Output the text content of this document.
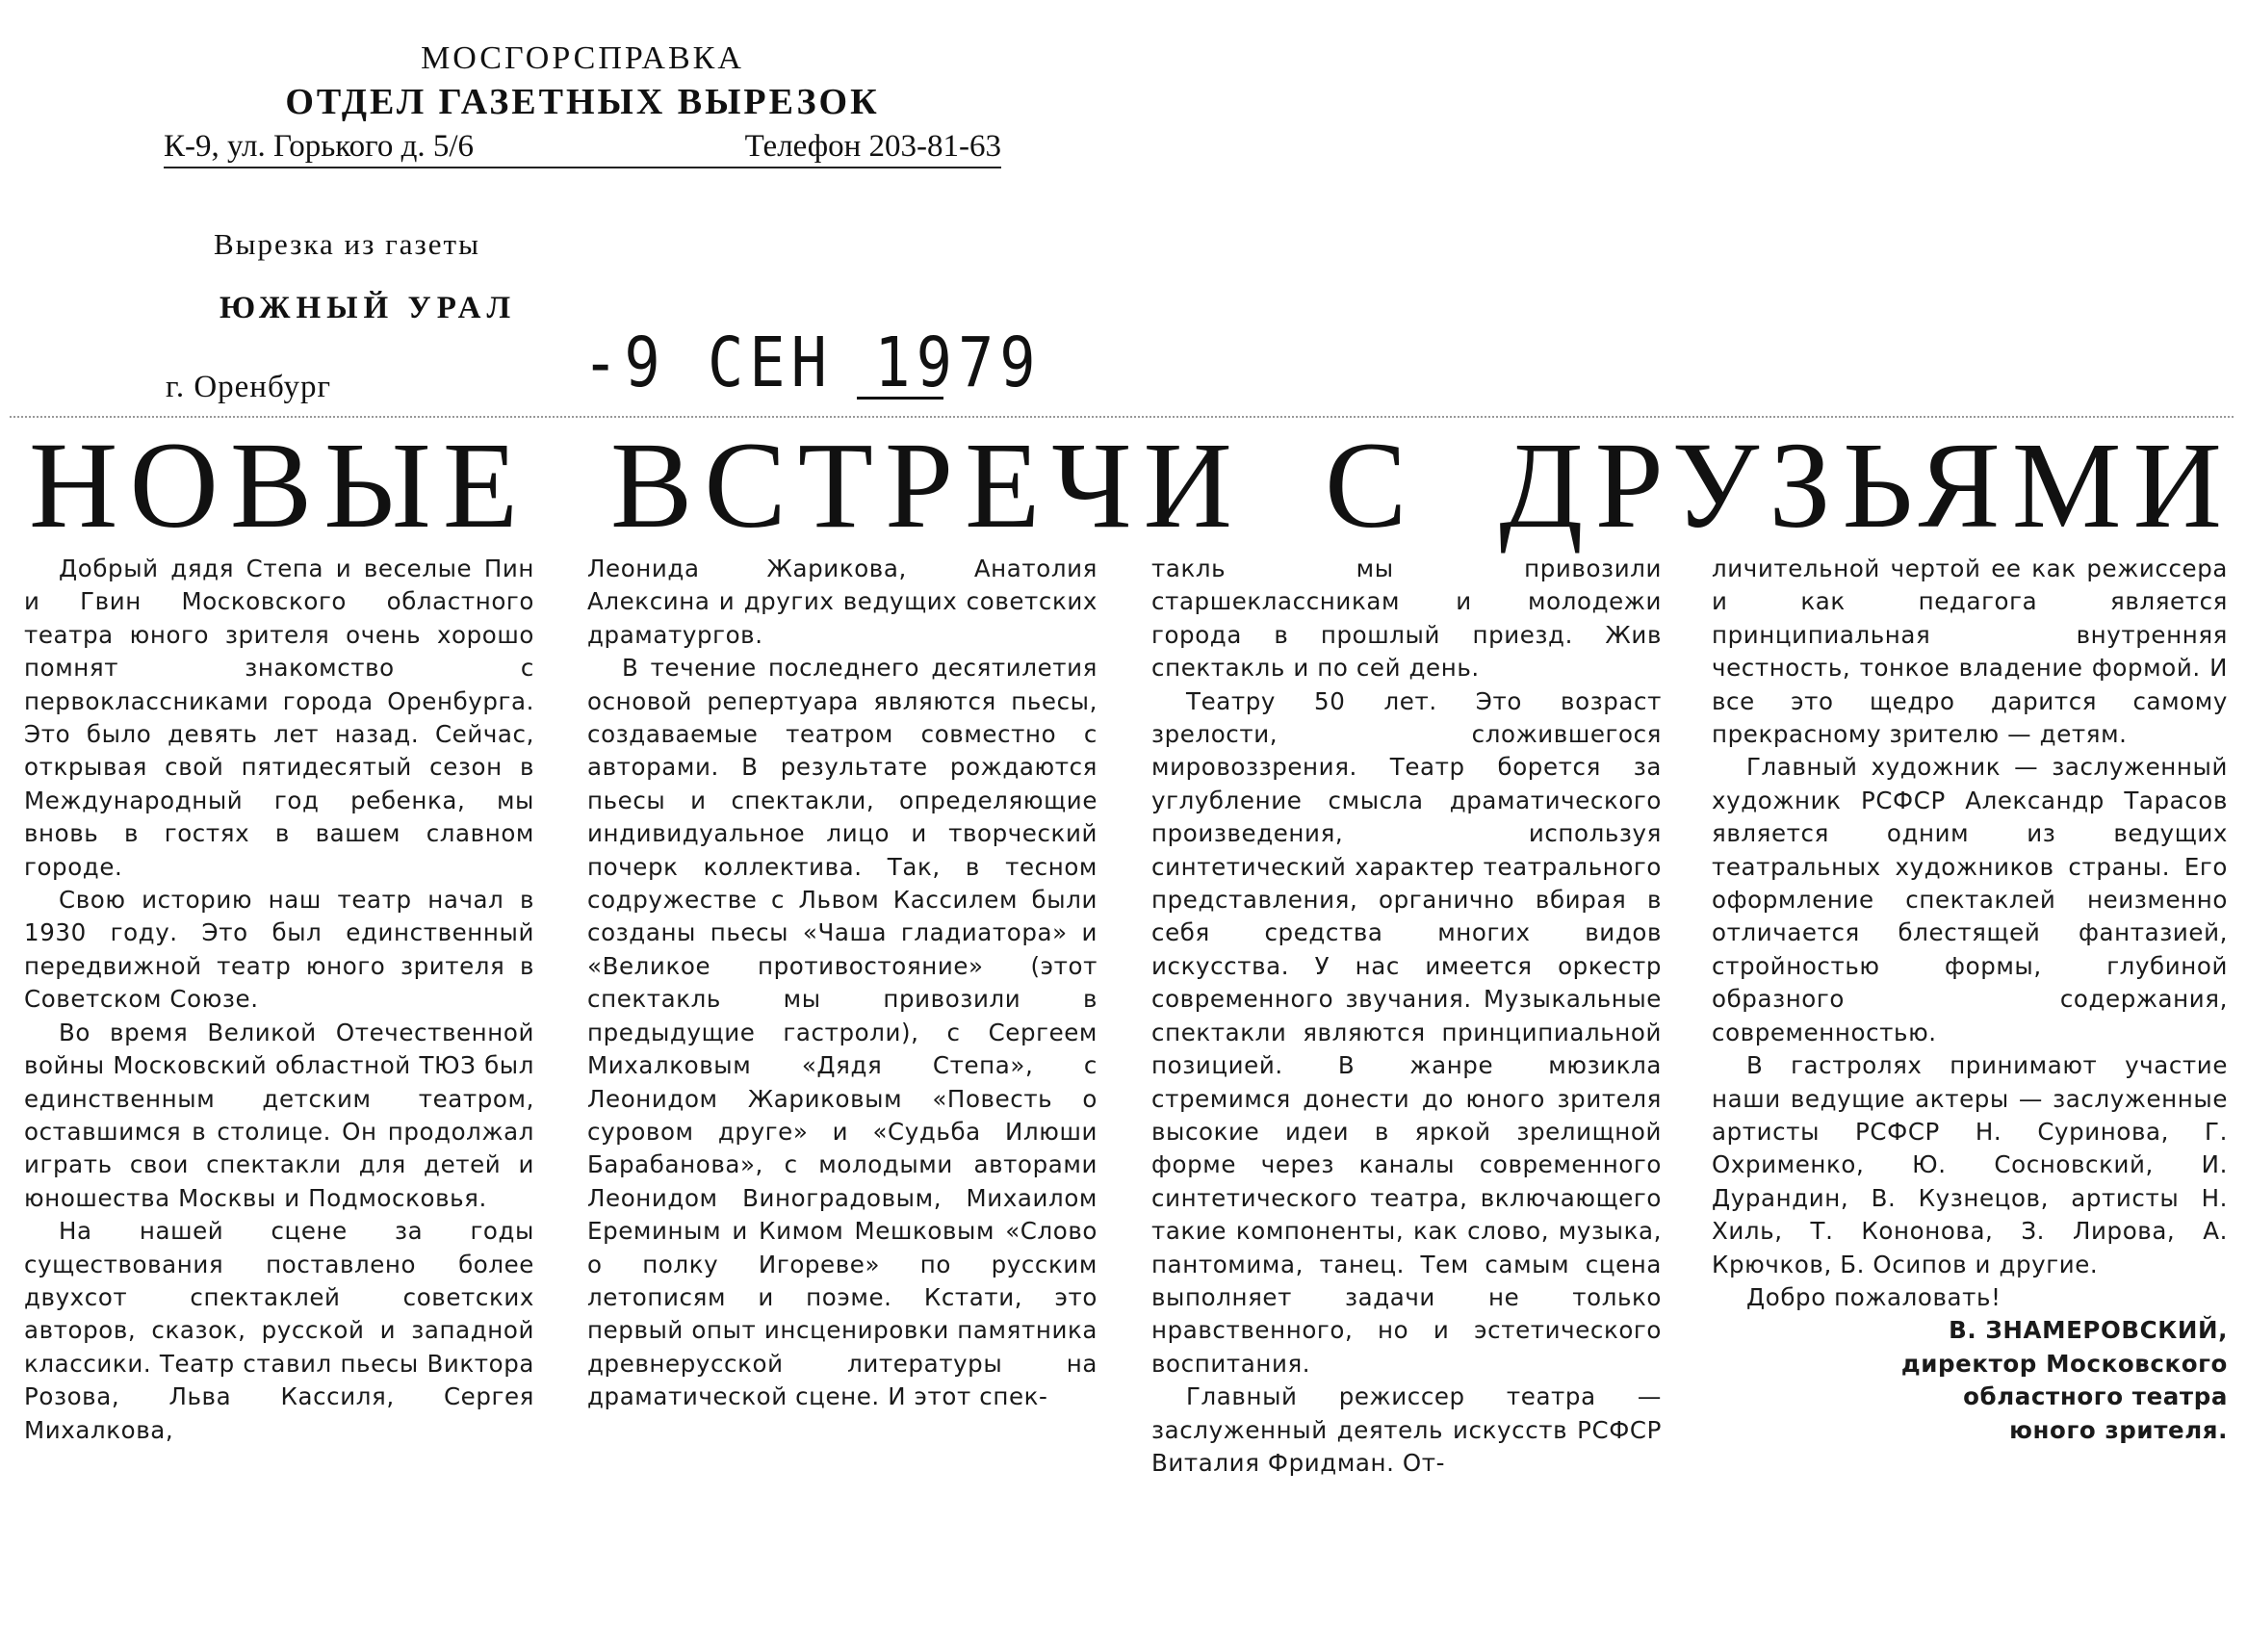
МОСГОРСПРАВКА
ОТДЕЛ ГАЗЕТНЫХ ВЫРЕЗОК
К-9, ул. Горького д. 5/6	Телефон 203-81-63
Вырезка из газеты
ЮЖНЫЙ УРАЛ
г. Оренбург	-9 СЕН 1979
НОВЫЕ ВСТРЕЧИ С ДРУЗЬЯМИ

Добрый дядя Степа и веселые Пин и Гвин Московского областного театра юного зрителя очень хорошо помнят знакомство с первоклассниками города Оренбурга. Это было девять лет назад. Сейчас, открывая свой пятидесятый сезон в Международный год ребенка, мы вновь в гостях в вашем славном городе.

Свою историю наш театр начал в 1930 году. Это был единственный передвижной театр юного зрителя в Советском Союзе.

Во время Великой Отечественной войны Московский областной ТЮЗ был единственным детским театром, оставшимся в столице. Он продолжал играть свои спектакли для детей и юношества Москвы и Подмосковья.

На нашей сцене за годы существования поставлено более двухсот спектаклей советских авторов, сказок, русской и западной классики. Театр ставил пьесы Виктора Розова, Льва Кассиля, Сергея Михалкова,

Леонида Жарикова, Анатолия Алексина и других ведущих советских драматургов.

В течение последнего десятилетия основой репертуара являются пьесы, создаваемые театром совместно с авторами. В результате рождаются пьесы и спектакли, определяющие индивидуальное лицо и творческий почерк коллектива. Так, в тесном содружестве с Львом Кассилем были созданы пьесы «Чаша гладиатора» и «Великое противостояние» (этот спектакль мы привозили в предыдущие гастроли), с Сергеем Михалковым «Дядя Степа», с Леонидом Жариковым «Повесть о суровом друге» и «Судьба Илюши Барабанова», с молодыми авторами Леонидом Виноградовым, Михаилом Ереминым и Кимом Мешковым «Слово о полку Игореве» по русским летописям и поэме. Кстати, это первый опыт инсценировки памятника древнерусской литературы на драматической сцене. И этот спек-

такль мы привозили старшеклассникам и молодежи города в прошлый приезд. Жив спектакль и по сей день.

Театру 50 лет. Это возраст зрелости, сложившегося мировоззрения. Театр борется за углубление смысла драматического произведения, используя синтетический характер театрального представления, органично вбирая в себя средства многих видов искусства. У нас имеется оркестр современного звучания. Музыкальные спектакли являются принципиальной позицией. В жанре мюзикла стремимся донести до юного зрителя высокие идеи в яркой зрелищной форме через каналы современного синтетического театра, включающего такие компоненты, как слово, музыка, пантомима, танец. Тем самым сцена выполняет задачи не только нравственного, но и эстетического воспитания.

Главный режиссер театра — заслуженный деятель искусств РСФСР Виталия Фридман. От-

личительной чертой ее как режиссера и как педагога является принципиальная внутренняя честность, тонкое владение формой. И все это щедро дарится самому прекрасному зрителю — детям.

Главный художник — заслуженный художник РСФСР Александр Тарасов является одним из ведущих театральных художников страны. Его оформление спектаклей неизменно отличается блестящей фантазией, стройностью формы, глубиной образного содержания, современностью.

В гастролях принимают участие наши ведущие актеры — заслуженные артисты РСФСР Н. Суринова, Г. Охрименко, Ю. Сосновский, И. Дурандин, В. Кузнецов, артисты Н. Хиль, Т. Кононова, З. Лирова, А. Крючков, Б. Осипов и другие.

Добро пожаловать!

В. ЗНАМЕРОВСКИЙ,
директор Московского
областного театра
юного зрителя.
